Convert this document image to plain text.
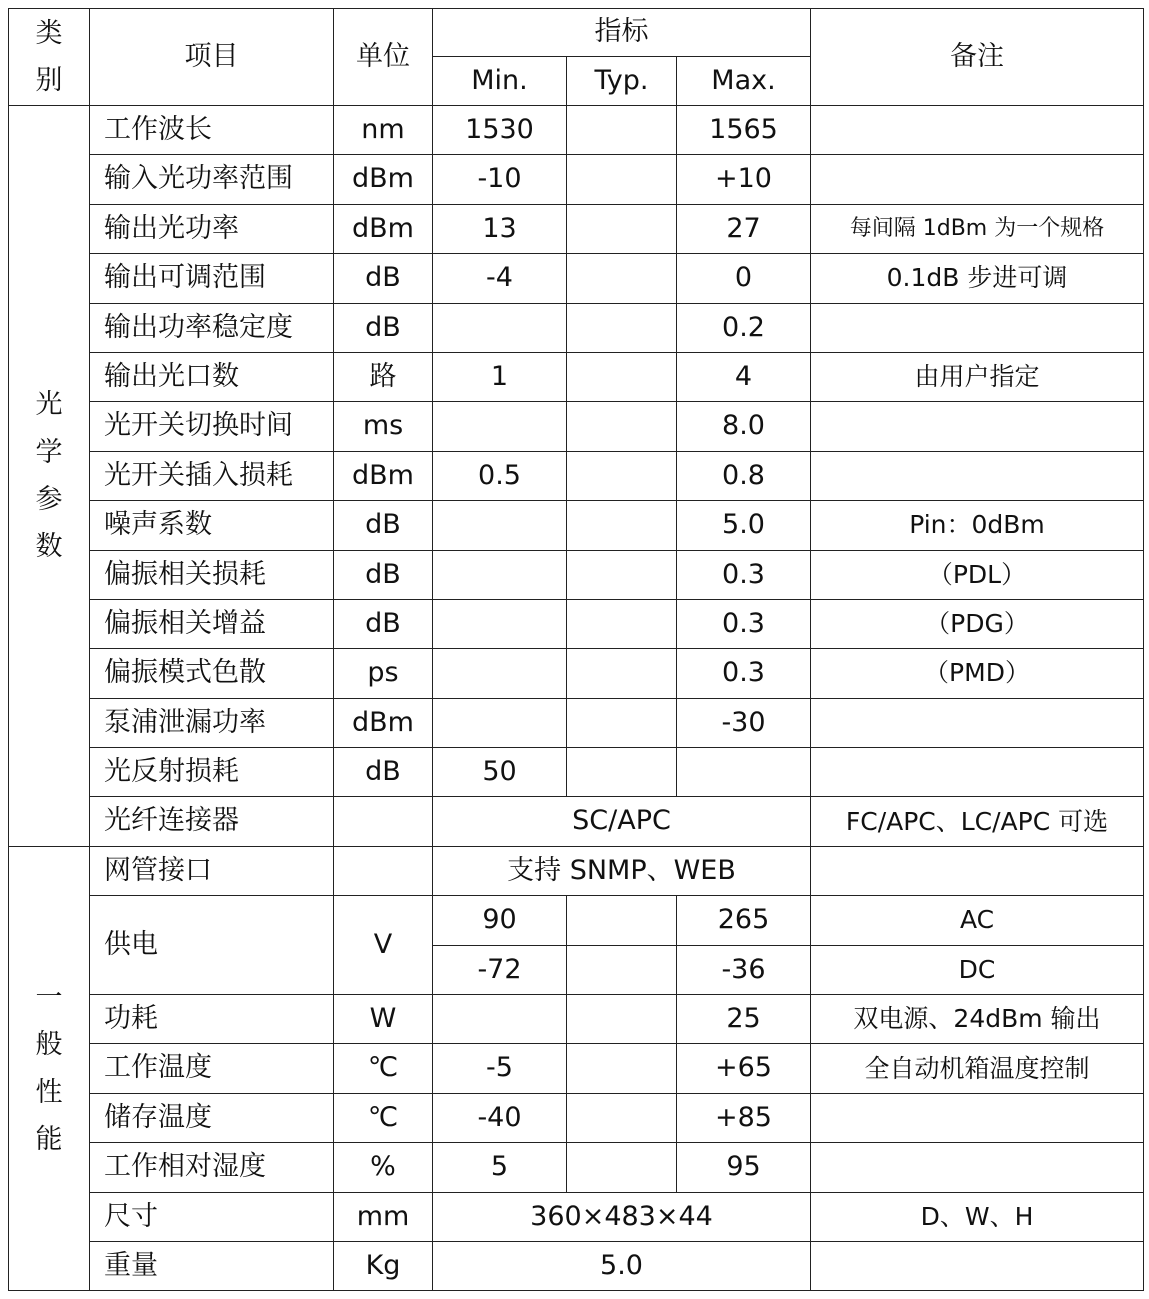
类
别	项目	单位	指标			备注
			Min.	Typ.	Max.	

光
学
参
数	工作波长	nm	1530		1565	
	输入光功率范围	dBm	-10		+10	
	输出光功率	dBm	13		27	每间隔 1dBm 为一个规格
	输出可调范围	dB	-4		0	0.1dB 步进可调
	输出功率稳定度	dB			0.2	
	输出光口数	路	1		4	由用户指定
	光开关切换时间	ms			8.0	
	光开关插入损耗	dBm	0.5		0.8	
	噪声系数	dB			5.0	Pin：0dBm
	偏振相关损耗	dB			0.3	（PDL）
	偏振相关增益	dB			0.3	（PDG）
	偏振模式色散	ps			0.3	（PMD）
	泵浦泄漏功率	dBm			-30	
	光反射损耗	dB	50			
	光纤连接器		SC/APC			FC/APC、LC/APC 可选

一
般
性
能	网管接口		支持 SNMP、WEB			
	供电	V	90		265	AC
			-72		-36	DC
	功耗	W			25	双电源、24dBm 输出
	工作温度	℃	-5		+65	全自动机箱温度控制
	储存温度	℃	-40		+85	
	工作相对湿度	%	5		95	
	尺寸	mm	360×483×44			D、W、H
	重量	Kg	5.0			
